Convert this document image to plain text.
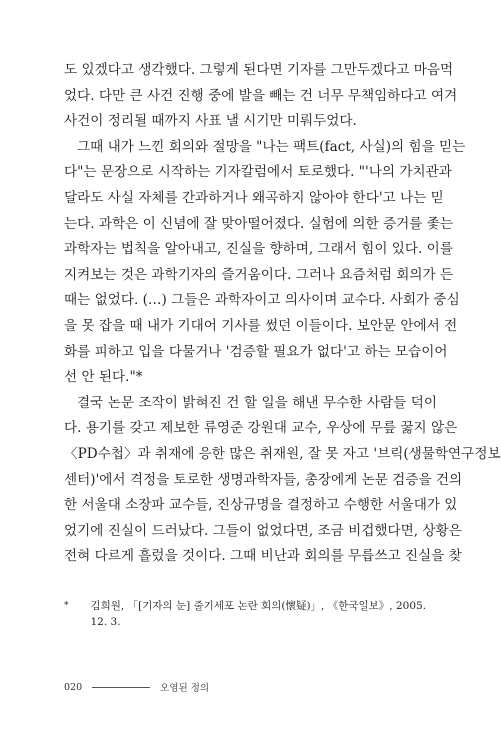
도 있겠다고 생각했다. 그렇게 된다면 기자를 그만두겠다고 마음먹
었다. 다만 큰 사건 진행 중에 발을 빼는 건 너무 무책임하다고 여겨
사건이 정리될 때까지 사표 낼 시기만 미뤄두었다.

그때 내가 느낀 회의와 절망을 "나는 팩트(fact, 사실)의 힘을 믿는
다"는 문장으로 시작하는 기자칼럼에서 토로했다. "'나의 가치관과
달라도 사실 자체를 간과하거나 왜곡하지 않아야 한다'고 나는 믿
는다. 과학은 이 신념에 잘 맞아떨어졌다. 실험에 의한 증거를 좇는
과학자는 법칙을 알아내고, 진실을 향하며, 그래서 힘이 있다. 이를
지켜보는 것은 과학기자의 즐거움이다. 그러나 요즘처럼 회의가 든
때는 없었다. (…) 그들은 과학자이고 의사이며 교수다. 사회가 중심
을 못 잡을 때 내가 기대어 기사를 썼던 이들이다. 보안문 안에서 전
화를 피하고 입을 다물거나 '검증할 필요가 없다'고 하는 모습이어
선 안 된다."*

결국 논문 조작이 밝혀진 건 할 일을 해낸 무수한 사람들 덕이
다. 용기를 갖고 제보한 류영준 강원대 교수, 우상에 무릎 꿇지 않은
〈PD수첩〉과 취재에 응한 많은 취재원, 잘 못 자고 '브릭(생물학연구정보
센터)'에서 격정을 토로한 생명과학자들, 총장에게 논문 검증을 건의
한 서울대 소장파 교수들, 진상규명을 결정하고 수행한 서울대가 있
었기에 진실이 드러났다. 그들이 없었다면, 조금 비겁했다면, 상황은
전혀 다르게 흘렀을 것이다. 그때 비난과 회의를 무릅쓰고 진실을 찾

* 김희원, 「[기자의 눈] 줄기세포 논란 회의(懷疑)」, 《한국일보》, 2005. 12. 3.
020	오염된 정의
